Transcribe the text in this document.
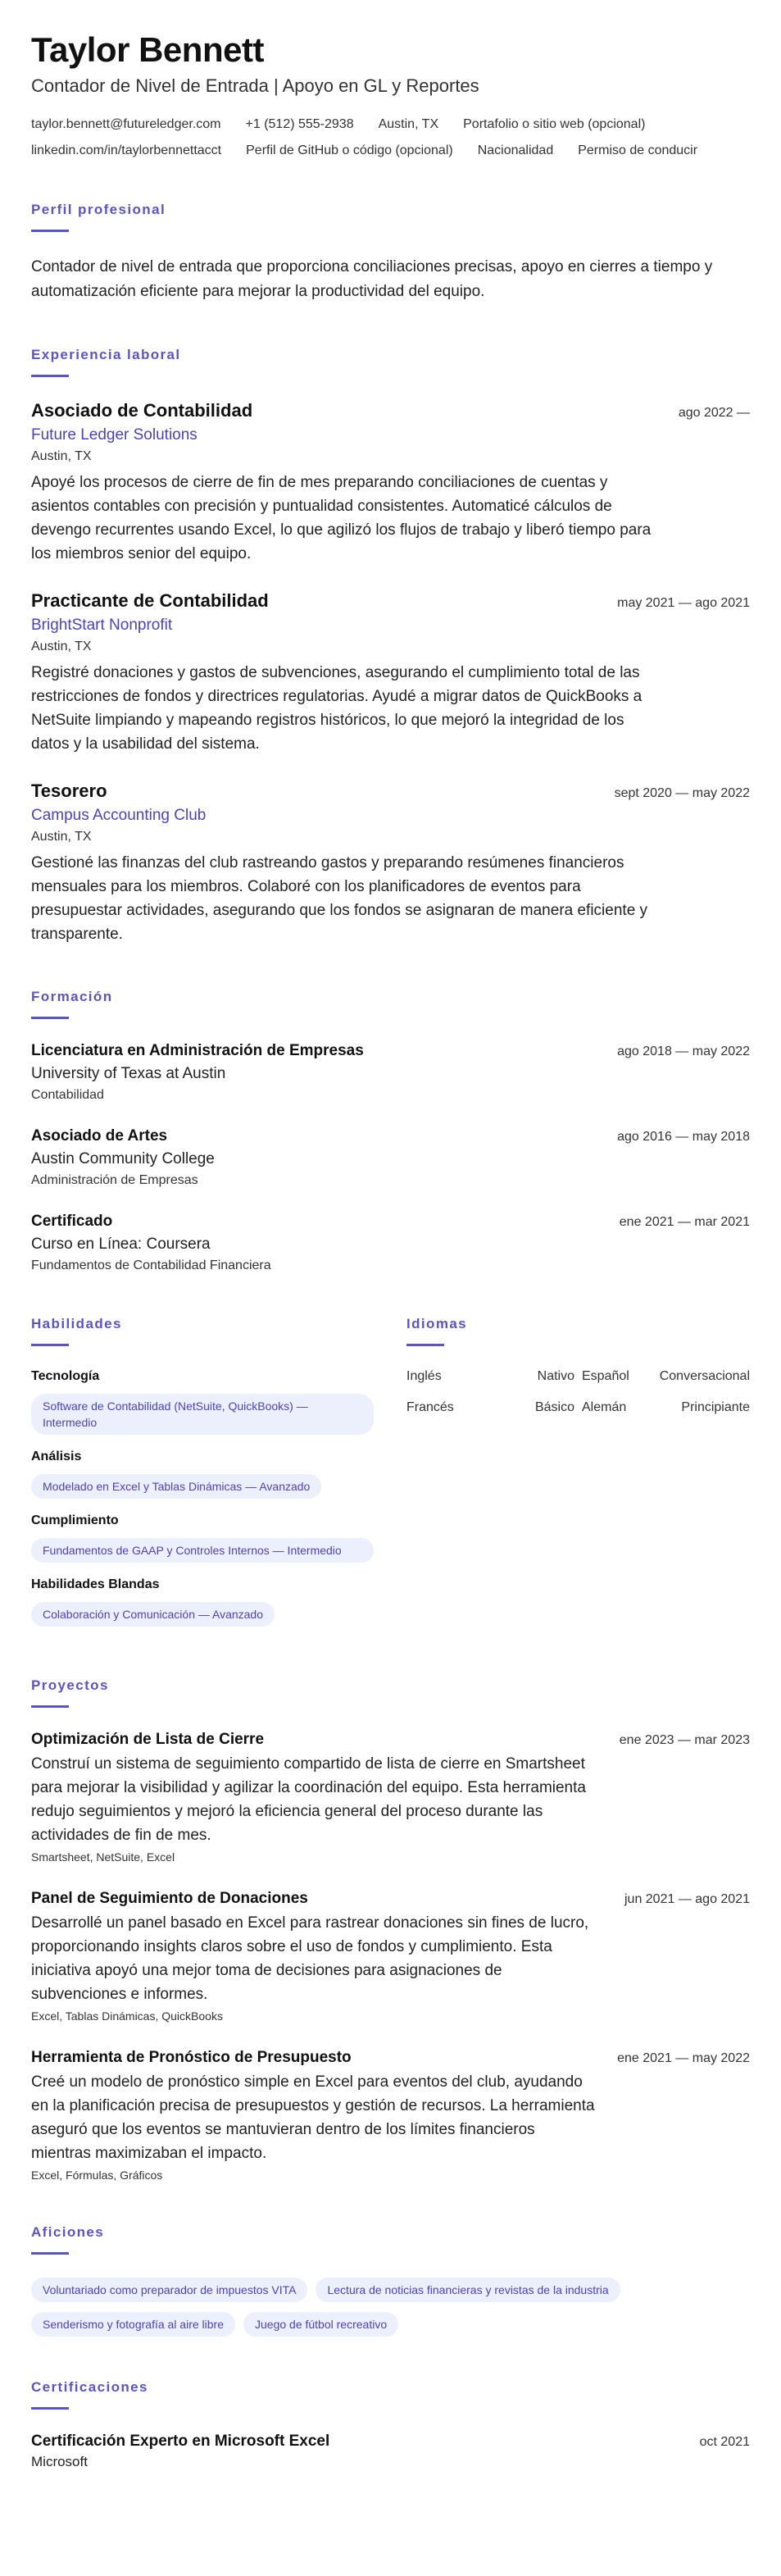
Taylor Bennett
Contador de Nivel de Entrada | Apoyo en GL y Reportes
taylor.bennett@futureledger.com +1 (512) 555-2938 Austin, TX Portafolio o sitio web (opcional)
linkedin.com/in/taylorbennettacct Perfil de GitHub o código (opcional) Nacionalidad Permiso de conducir
Perfil profesional

Contador de nivel de entrada que proporciona conciliaciones precisas, apoyo en cierres a tiempo y automatización eficiente para mejorar la productividad del equipo.

Experiencia laboral
Asociado de Contabilidad	ago 2022 —
Future Ledger Solutions
Austin, TX
Apoyé los procesos de cierre de fin de mes preparando conciliaciones de cuentas y asientos contables con precisión y puntualidad consistentes. Automaticé cálculos de devengo recurrentes usando Excel, lo que agilizó los flujos de trabajo y liberó tiempo para los miembros senior del equipo.
Practicante de Contabilidad	may 2021 — ago 2021
BrightStart Nonprofit
Austin, TX
Registré donaciones y gastos de subvenciones, asegurando el cumplimiento total de las restricciones de fondos y directrices regulatorias. Ayudé a migrar datos de QuickBooks a NetSuite limpiando y mapeando registros históricos, lo que mejoró la integridad de los datos y la usabilidad del sistema.
Tesorero	sept 2020 — may 2022
Campus Accounting Club
Austin, TX
Gestioné las finanzas del club rastreando gastos y preparando resúmenes financieros mensuales para los miembros. Colaboré con los planificadores de eventos para presupuestar actividades, asegurando que los fondos se asignaran de manera eficiente y transparente.
Formación
Licenciatura en Administración de Empresas	ago 2018 — may 2022
University of Texas at Austin
Contabilidad
Asociado de Artes	ago 2016 — may 2018
Austin Community College
Administración de Empresas
Certificado	ene 2021 — mar 2021
Curso en Línea: Coursera
Fundamentos de Contabilidad Financiera
Habilidades
Tecnología
Software de Contabilidad (NetSuite, QuickBooks) — Intermedio
Análisis
Modelado en Excel y Tablas Dinámicas — Avanzado
Cumplimiento
Fundamentos de GAAP y Controles Internos — Intermedio
Habilidades Blandas
Colaboración y Comunicación — Avanzado
Idiomas
Inglés	Nativo Español Conversacional
Francés	Básico Alemán	Principiante
Proyectos
Optimización de Lista de Cierre	ene 2023 — mar 2023
Construí un sistema de seguimiento compartido de lista de cierre en Smartsheet para mejorar la visibilidad y agilizar la coordinación del equipo. Esta herramienta redujo seguimientos y mejoró la eficiencia general del proceso durante las actividades de fin de mes.
Smartsheet, NetSuite, Excel
Panel de Seguimiento de Donaciones	jun 2021 — ago 2021
Desarrollé un panel basado en Excel para rastrear donaciones sin fines de lucro, proporcionando insights claros sobre el uso de fondos y cumplimiento. Esta iniciativa apoyó una mejor toma de decisiones para asignaciones de subvenciones e informes.
Excel, Tablas Dinámicas, QuickBooks
Herramienta de Pronóstico de Presupuesto	ene 2021 — may 2022
Creé un modelo de pronóstico simple en Excel para eventos del club, ayudando en la planificación precisa de presupuestos y gestión de recursos. La herramienta aseguró que los eventos se mantuvieran dentro de los límites financieros mientras maximizaban el impacto.
Excel, Fórmulas, Gráficos
Aficiones
Voluntariado como preparador de impuestos VITA	Lectura de noticias financieras y revistas de la industria
Senderismo y fotografía al aire libre	Juego de fútbol recreativo
Certificaciones
Certificación Experto en Microsoft Excel	oct 2021
Microsoft
